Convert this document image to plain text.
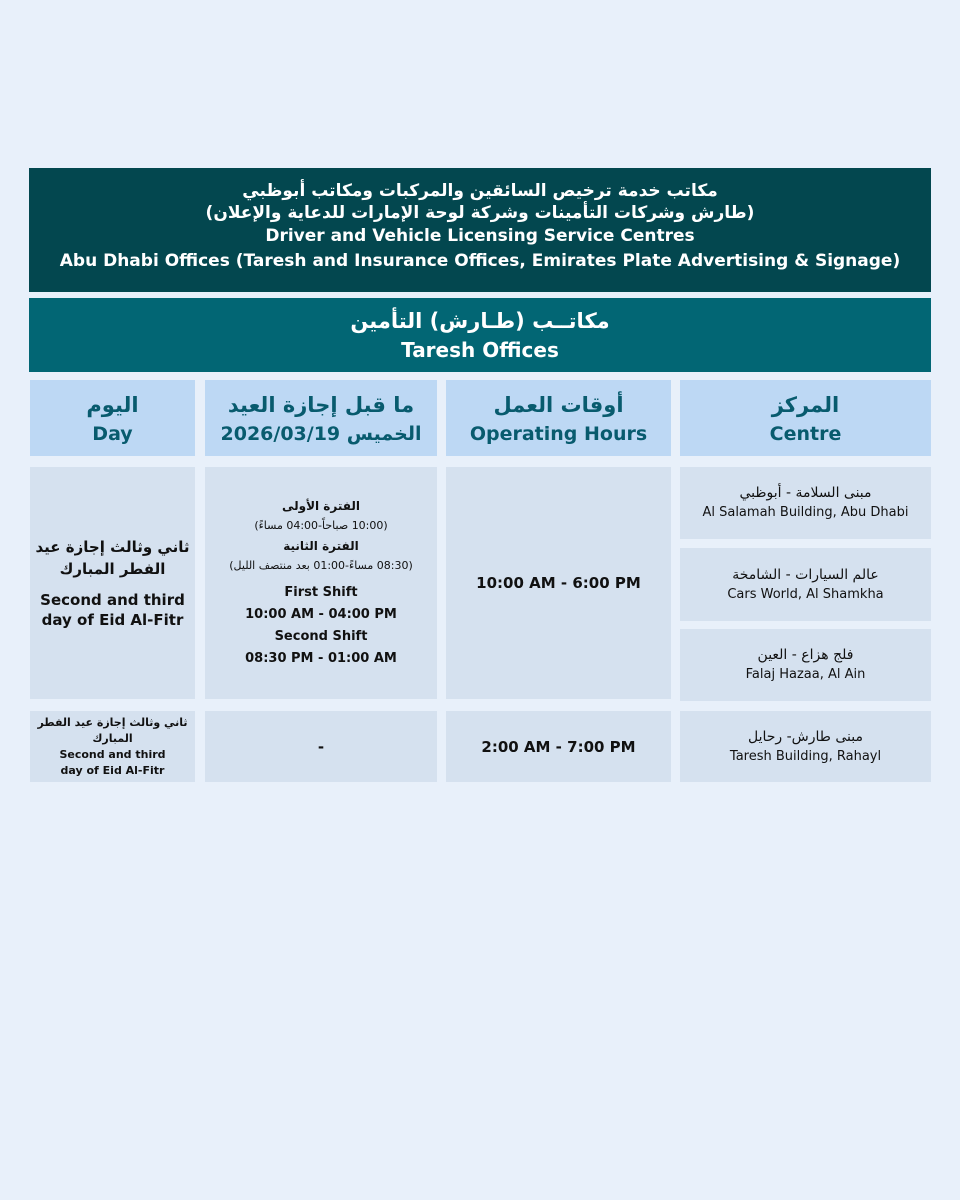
مكاتب خدمة ترخيص السائقين والمركبات ومكاتب أبوظبي
(طارش وشركات التأمينات وشركة لوحة الإمارات للدعاية والإعلان)
Driver and Vehicle Licensing Service Centres
Abu Dhabi Offices (Taresh and Insurance Offices, Emirates Plate Advertising & Signage)
مكاتــب (طـارش) التأمين
Taresh Offices
اليوم
Day
ما قبل إجازة العيد
الخميس 2026/03/19
أوقات العمل
Operating Hours
المركز
Centre
ثاني وثالث إجازة عيد الفطر المبارك
Second and third day of Eid Al-Fitr
الفترة الأولى
(10:00 صباحاً-04:00 مساءً)
الفترة الثانية
(08:30 مساءً-01:00 بعد منتصف الليل)
First Shift
10:00 AM - 04:00 PM
Second Shift
08:30 PM - 01:00 AM
10:00 AM - 6:00 PM
مبنى السلامة - أبوظبي
Al Salamah Building, Abu Dhabi
عالم السيارات - الشامخة
Cars World, Al Shamkha
فلج هزاع - العين
Falaj Hazaa, Al Ain
ثاني وثالث إجازة عيد الفطر المبارك
Second and third day of Eid Al-Fitr
-	2:00 AM - 7:00 PM
مبنى طارش- رحايل
Taresh Building, Rahayl
